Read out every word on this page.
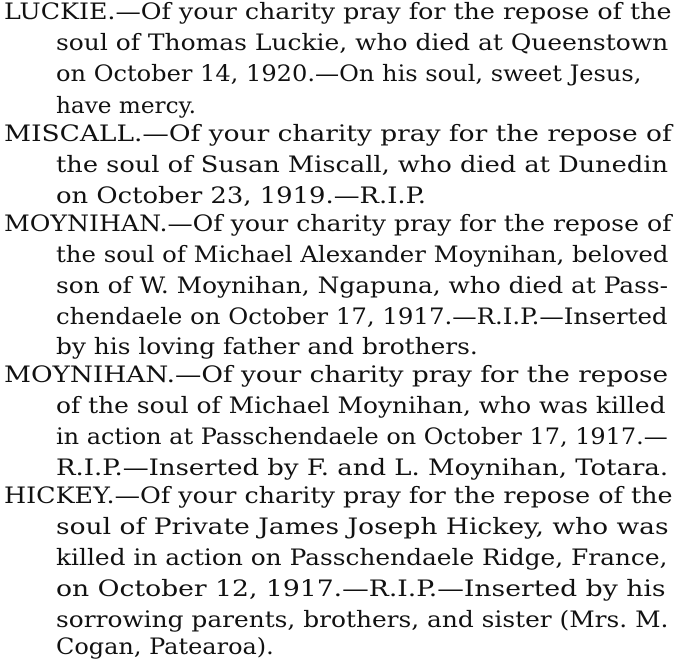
LUCKIE.—Of your charity pray for the repose of the
soul of Thomas Luckie, who died at Queenstown
on October 14, 1920.—On his soul, sweet Jesus,
have mercy.
MISCALL.—Of your charity pray for the repose of
the soul of Susan Miscall, who died at Dunedin
on October 23, 1919.—R.I.P.
MOYNIHAN.—Of your charity pray for the repose of
the soul of Michael Alexander Moynihan, beloved
son of W. Moynihan, Ngapuna, who died at Pass-
chendaele on October 17, 1917.—R.I.P.—Inserted
by his loving father and brothers.
MOYNIHAN.—Of your charity pray for the repose
of the soul of Michael Moynihan, who was killed
in action at Passchendaele on October 17, 1917.—
R.I.P.—Inserted by F. and L. Moynihan, Totara.
HICKEY.—Of your charity pray for the repose of the
soul of Private James Joseph Hickey, who was
killed in action on Passchendaele Ridge, France,
on October 12, 1917.—R.I.P.—Inserted by his
sorrowing parents, brothers, and sister (Mrs. M.
Cogan, Patearoa).
